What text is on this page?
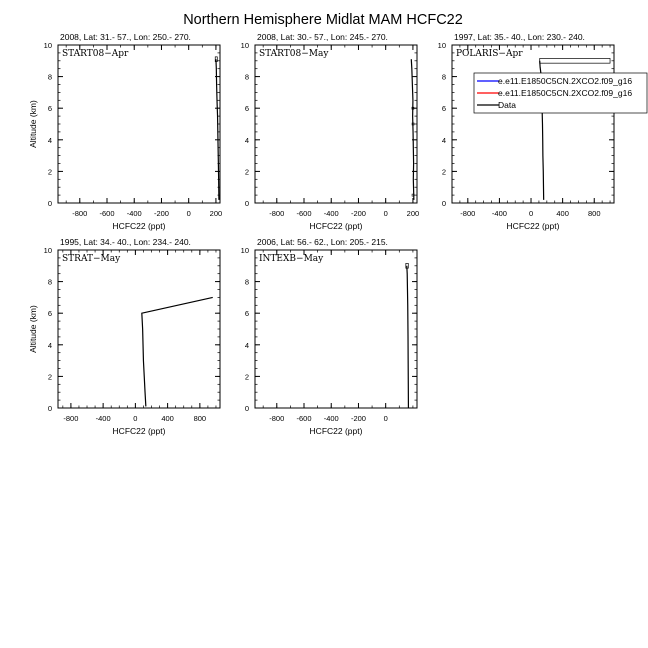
Northern Hemisphere Midlat MAM HCFC22
-800 -600 -400 -200 0	200
0
2
4
6
8
10
2008, Lat: 31.- 57., Lon: 250.- 270.
START08−Apr
HCFC22 (ppt)
Altitude (km)
-800 -600 -400 -200 0	200
0
2
4
6
8
10
2008, Lat: 30.- 57., Lon: 245.- 270.
START08−May
HCFC22 (ppt)
-800 -400	0	400	800
0
2
4
6
8
10
1997, Lat: 35.- 40., Lon: 230.- 240.
POLARIS−Apr
HCFC22 (ppt)
e.e11.E1850C5CN.2XCO2.f09_g16
e.e11.E1850C5CN.2XCO2.f09_g16
Data
-800 -400	0	400	800
0
2
4
6
8
10
1995, Lat: 34.- 40., Lon: 234.- 240.
STRAT−May
HCFC22 (ppt)
Altitude (km)
-800 -600 -400 -200 0
0
2
4
6
8
10
2006, Lat: 56.- 62., Lon: 205.- 215.
INTEXB−May
HCFC22 (ppt)
